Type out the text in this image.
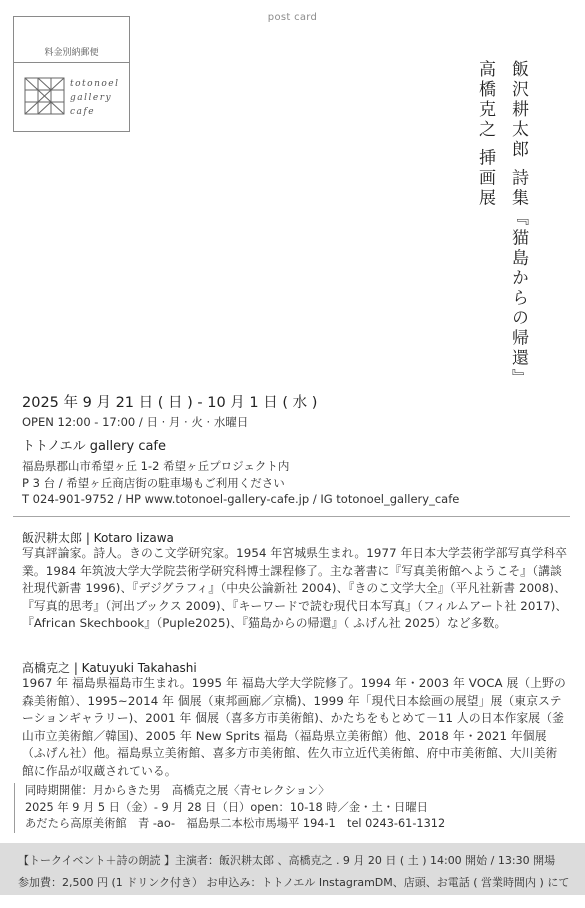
post card
料金別納郵便
totonoel
gallery
cafe	飯沢耕太郎 詩集『猫島からの帰還』
高橋克之 挿画展
2025 年 9 月 21 日 ( 日 ) - 10 月 1 日 ( 水 )
OPEN 12:00 - 17:00 / 日 · 月 · 火 · 水曜日
トトノエル gallery cafe
福島県郡山市希望ヶ丘 1-2 希望ヶ丘プロジェクト内
P 3 台 / 希望ヶ丘商店街の駐車場もご利用ください
T 024-901-9752 / HP www.totonoel-gallery-cafe.jp / IG totonoel_gallery_cafe
飯沢耕太郎 | Kotaro Iizawa
写真評論家。詩人。きのこ文学研究家。1954 年宮城県生まれ。1977 年日本大学芸術学部写真学科卒業。1984 年筑波大学大学院芸術学研究科博士課程修了。主な著書に『写真美術館へようこそ』（講談社現代新書 1996)、『デジグラフィ』（中央公論新社 2004)、『きのこ文学大全』（平凡社新書 2008)、『写真的思考』（河出ブックス 2009)、『キーワードで読む現代日本写真』（フィルムアート社 2017)、『African Skechbook』（Puple2025)、『猫島からの帰還』（ ふげん社 2025）など多数。
高橋克之 | Katuyuki Takahashi
1967 年 福島県福島市生まれ。1995 年 福島大学大学院修了。1994 年・2003 年 VOCA 展（上野の森美術館）、1995~2014 年 個展（東邦画廊／京橋)、1999 年「現代日本絵画の展望」展（東京ステーションギャラリー)、2001 年 個展（喜多方市美術館)、かたちをもとめて－11 人の日本作家展（釜山市立美術館／韓国)、2005 年 New Sprits 福島（福島県立美術館）他、2018 年・2021 年個展（ふげん社）他。福島県立美術館、喜多方市美術館、佐久市立近代美術館、府中市美術館、大川美術館に作品が収蔵されている。
同時期開催：月からきた男　高橋克之展〈青セレクション〉
2025 年 9 月 5 日（金）- 9 月 28 日（日）open：10-18 時／金・土・日曜日
あだたら高原美術館　青 -ao-　福島県二本松市馬場平 194-1　tel 0243-61-1312
【トークイベント＋詩の朗読 】主演者：飯沢耕太郎 、高橋克之 . 9 月 20 日 ( 土 ) 14:00 開始 / 13:30 開場
参加費：2,500 円 (1 ドリンク付き） お申込み：トトノエル InstagramDM、店頭、お電話 ( 営業時間内 ) にて
